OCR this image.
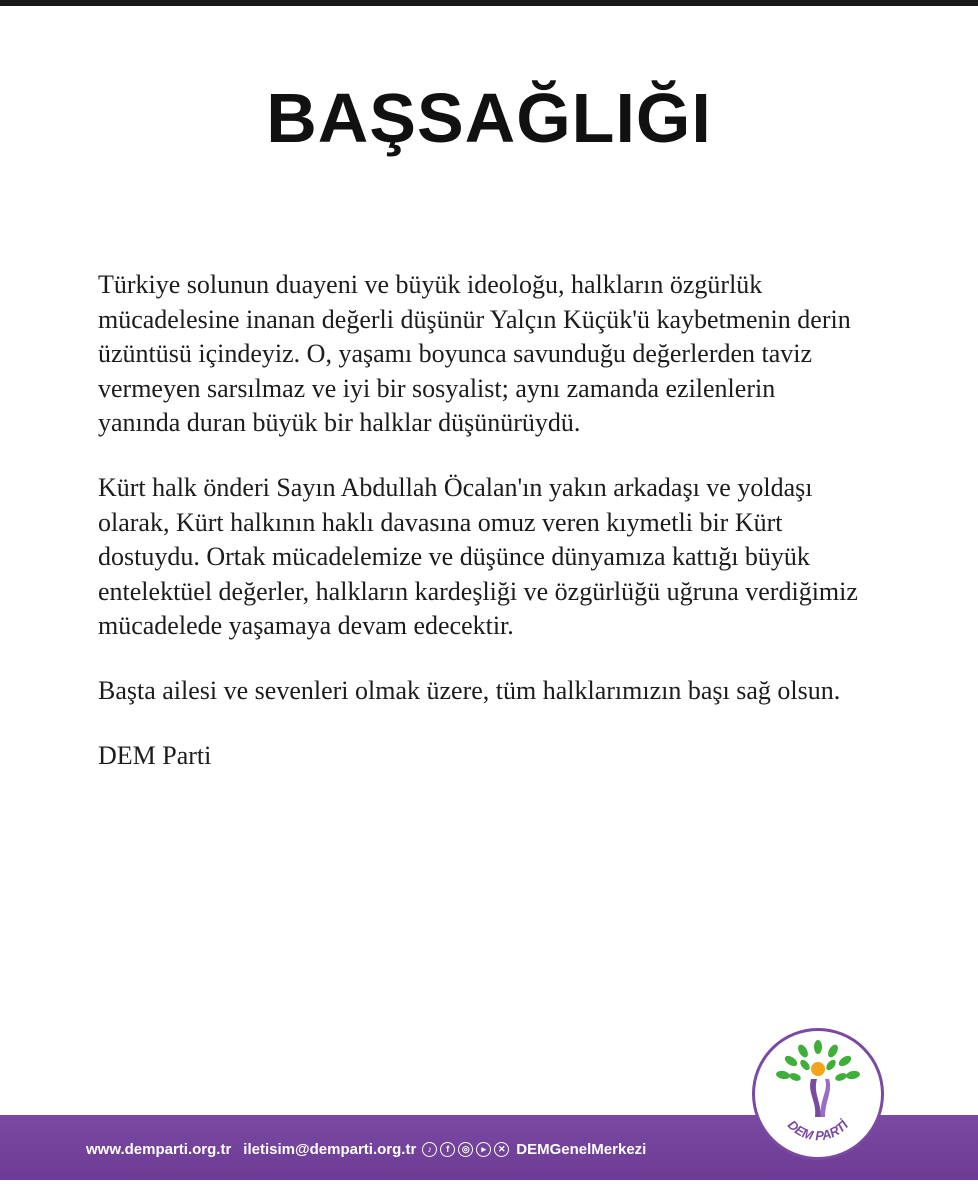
BAŞSAĞLIĞI

Türkiye solunun duayeni ve büyük ideoloğu, halkların özgürlük mücadelesine inanan değerli düşünür Yalçın Küçük'ü kaybetmenin derin üzüntüsü içindeyiz. O, yaşamı boyunca savunduğu değerlerden taviz vermeyen sarsılmaz ve iyi bir sosyalist; aynı zamanda ezilenlerin yanında duran büyük bir halklar düşünürüydü.

Kürt halk önderi Sayın Abdullah Öcalan'ın yakın arkadaşı ve yoldaşı olarak, Kürt halkının haklı davasına omuz veren kıymetli bir Kürt dostuydu. Ortak mücadelemize ve düşünce dünyamıza kattığı büyük entelektüel değerler, halkların kardeşliği ve özgürlüğü uğruna verdiğimiz mücadelede yaşamaya devam edecektir.

Başta ailesi ve sevenleri olmak üzere, tüm halklarımızın başı sağ olsun.

DEM Parti

www.demparti.org.tr iletisim@demparti.org.tr	♪	f	◎	▸	✕ DEMGenelMerkezi
DEM PARTİ
